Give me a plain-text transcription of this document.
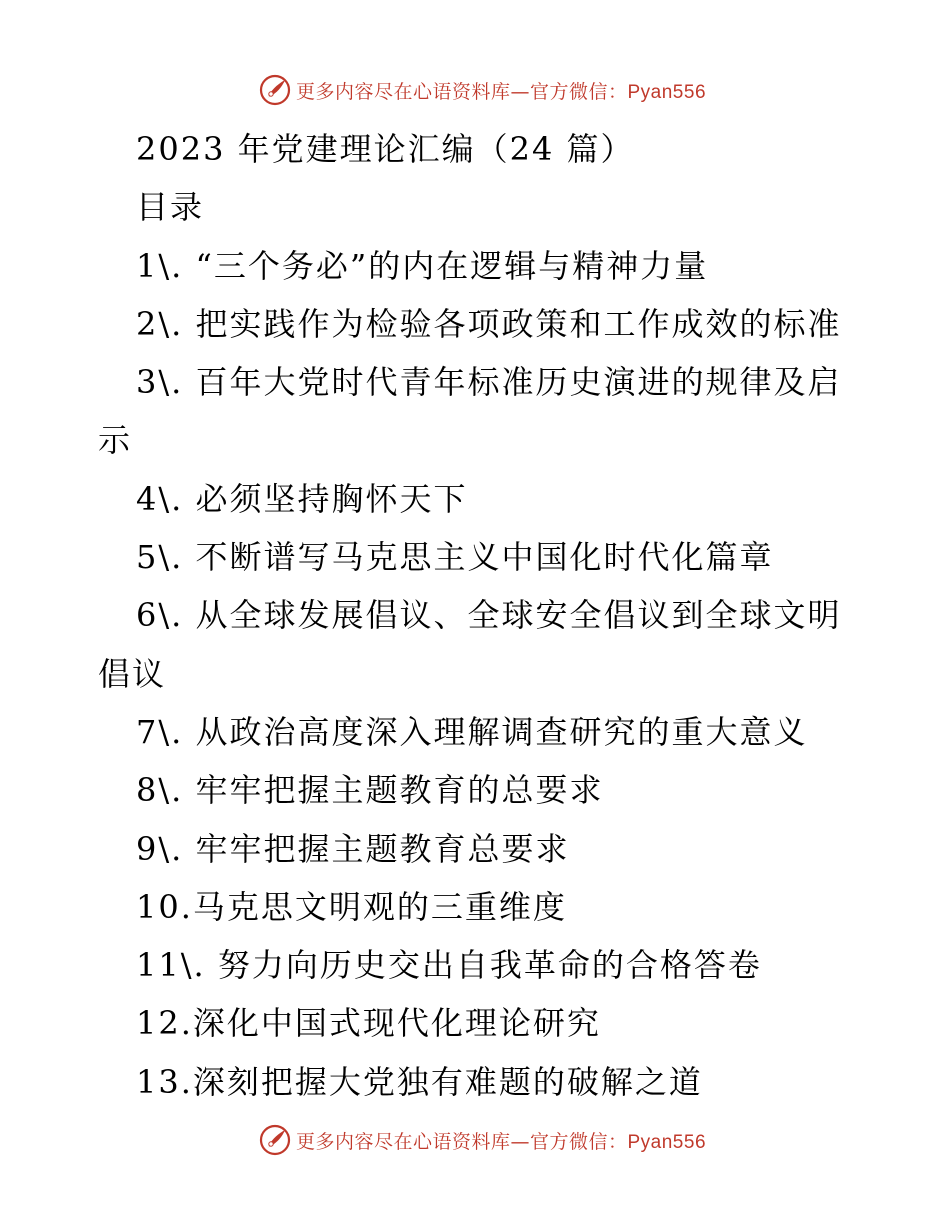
更多内容尽在心语资料库—官方微信：Pyan556
2023 年党建理论汇编（24 篇）
目录
1\. “三个务必”的内在逻辑与精神力量
2\. 把实践作为检验各项政策和工作成效的标准
3\. 百年大党时代青年标准历史演进的规律及启
示
4\. 必须坚持胸怀天下
5\. 不断谱写马克思主义中国化时代化篇章
6\. 从全球发展倡议、全球安全倡议到全球文明
倡议
7\. 从政治高度深入理解调查研究的重大意义
8\. 牢牢把握主题教育的总要求
9\. 牢牢把握主题教育总要求
10.马克思文明观的三重维度
11\. 努力向历史交出自我革命的合格答卷
12.深化中国式现代化理论研究
13.深刻把握大党独有难题的破解之道
更多内容尽在心语资料库—官方微信：Pyan556
